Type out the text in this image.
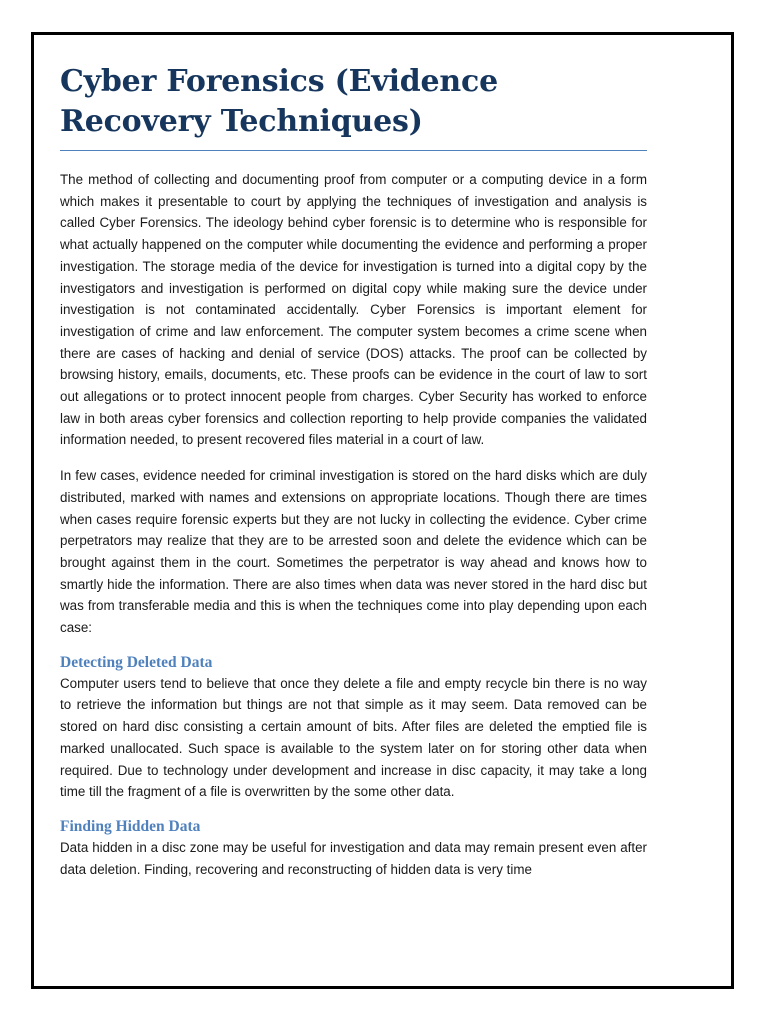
Cyber Forensics (Evidence Recovery Techniques)

The method of collecting and documenting proof from computer or a computing device in a form which makes it presentable to court by applying the techniques of investigation and analysis is called Cyber Forensics. The ideology behind cyber forensic is to determine who is responsible for what actually happened on the computer while documenting the evidence and performing a proper investigation. The storage media of the device for investigation is turned into a digital copy by the investigators and investigation is performed on digital copy while making sure the device under investigation is not contaminated accidentally. Cyber Forensics is important element for investigation of crime and law enforcement. The computer system becomes a crime scene when there are cases of hacking and denial of service (DOS) attacks. The proof can be collected by browsing history, emails, documents, etc. These proofs can be evidence in the court of law to sort out allegations or to protect innocent people from charges. Cyber Security has worked to enforce law in both areas cyber forensics and collection reporting to help provide companies the validated information needed, to present recovered files material in a court of law.

In few cases, evidence needed for criminal investigation is stored on the hard disks which are duly distributed, marked with names and extensions on appropriate locations. Though there are times when cases require forensic experts but they are not lucky in collecting the evidence. Cyber crime perpetrators may realize that they are to be arrested soon and delete the evidence which can be brought against them in the court. Sometimes the perpetrator is way ahead and knows how to smartly hide the information. There are also times when data was never stored in the hard disc but was from transferable media and this is when the techniques come into play depending upon each case:

Detecting Deleted Data

Computer users tend to believe that once they delete a file and empty recycle bin there is no way to retrieve the information but things are not that simple as it may seem. Data removed can be stored on hard disc consisting a certain amount of bits. After files are deleted the emptied file is marked unallocated. Such space is available to the system later on for storing other data when required. Due to technology under development and increase in disc capacity, it may take a long time till the fragment of a file is overwritten by the some other data.

Finding Hidden Data

Data hidden in a disc zone may be useful for investigation and data may remain present even after data deletion. Finding, recovering and reconstructing of hidden data is very time
